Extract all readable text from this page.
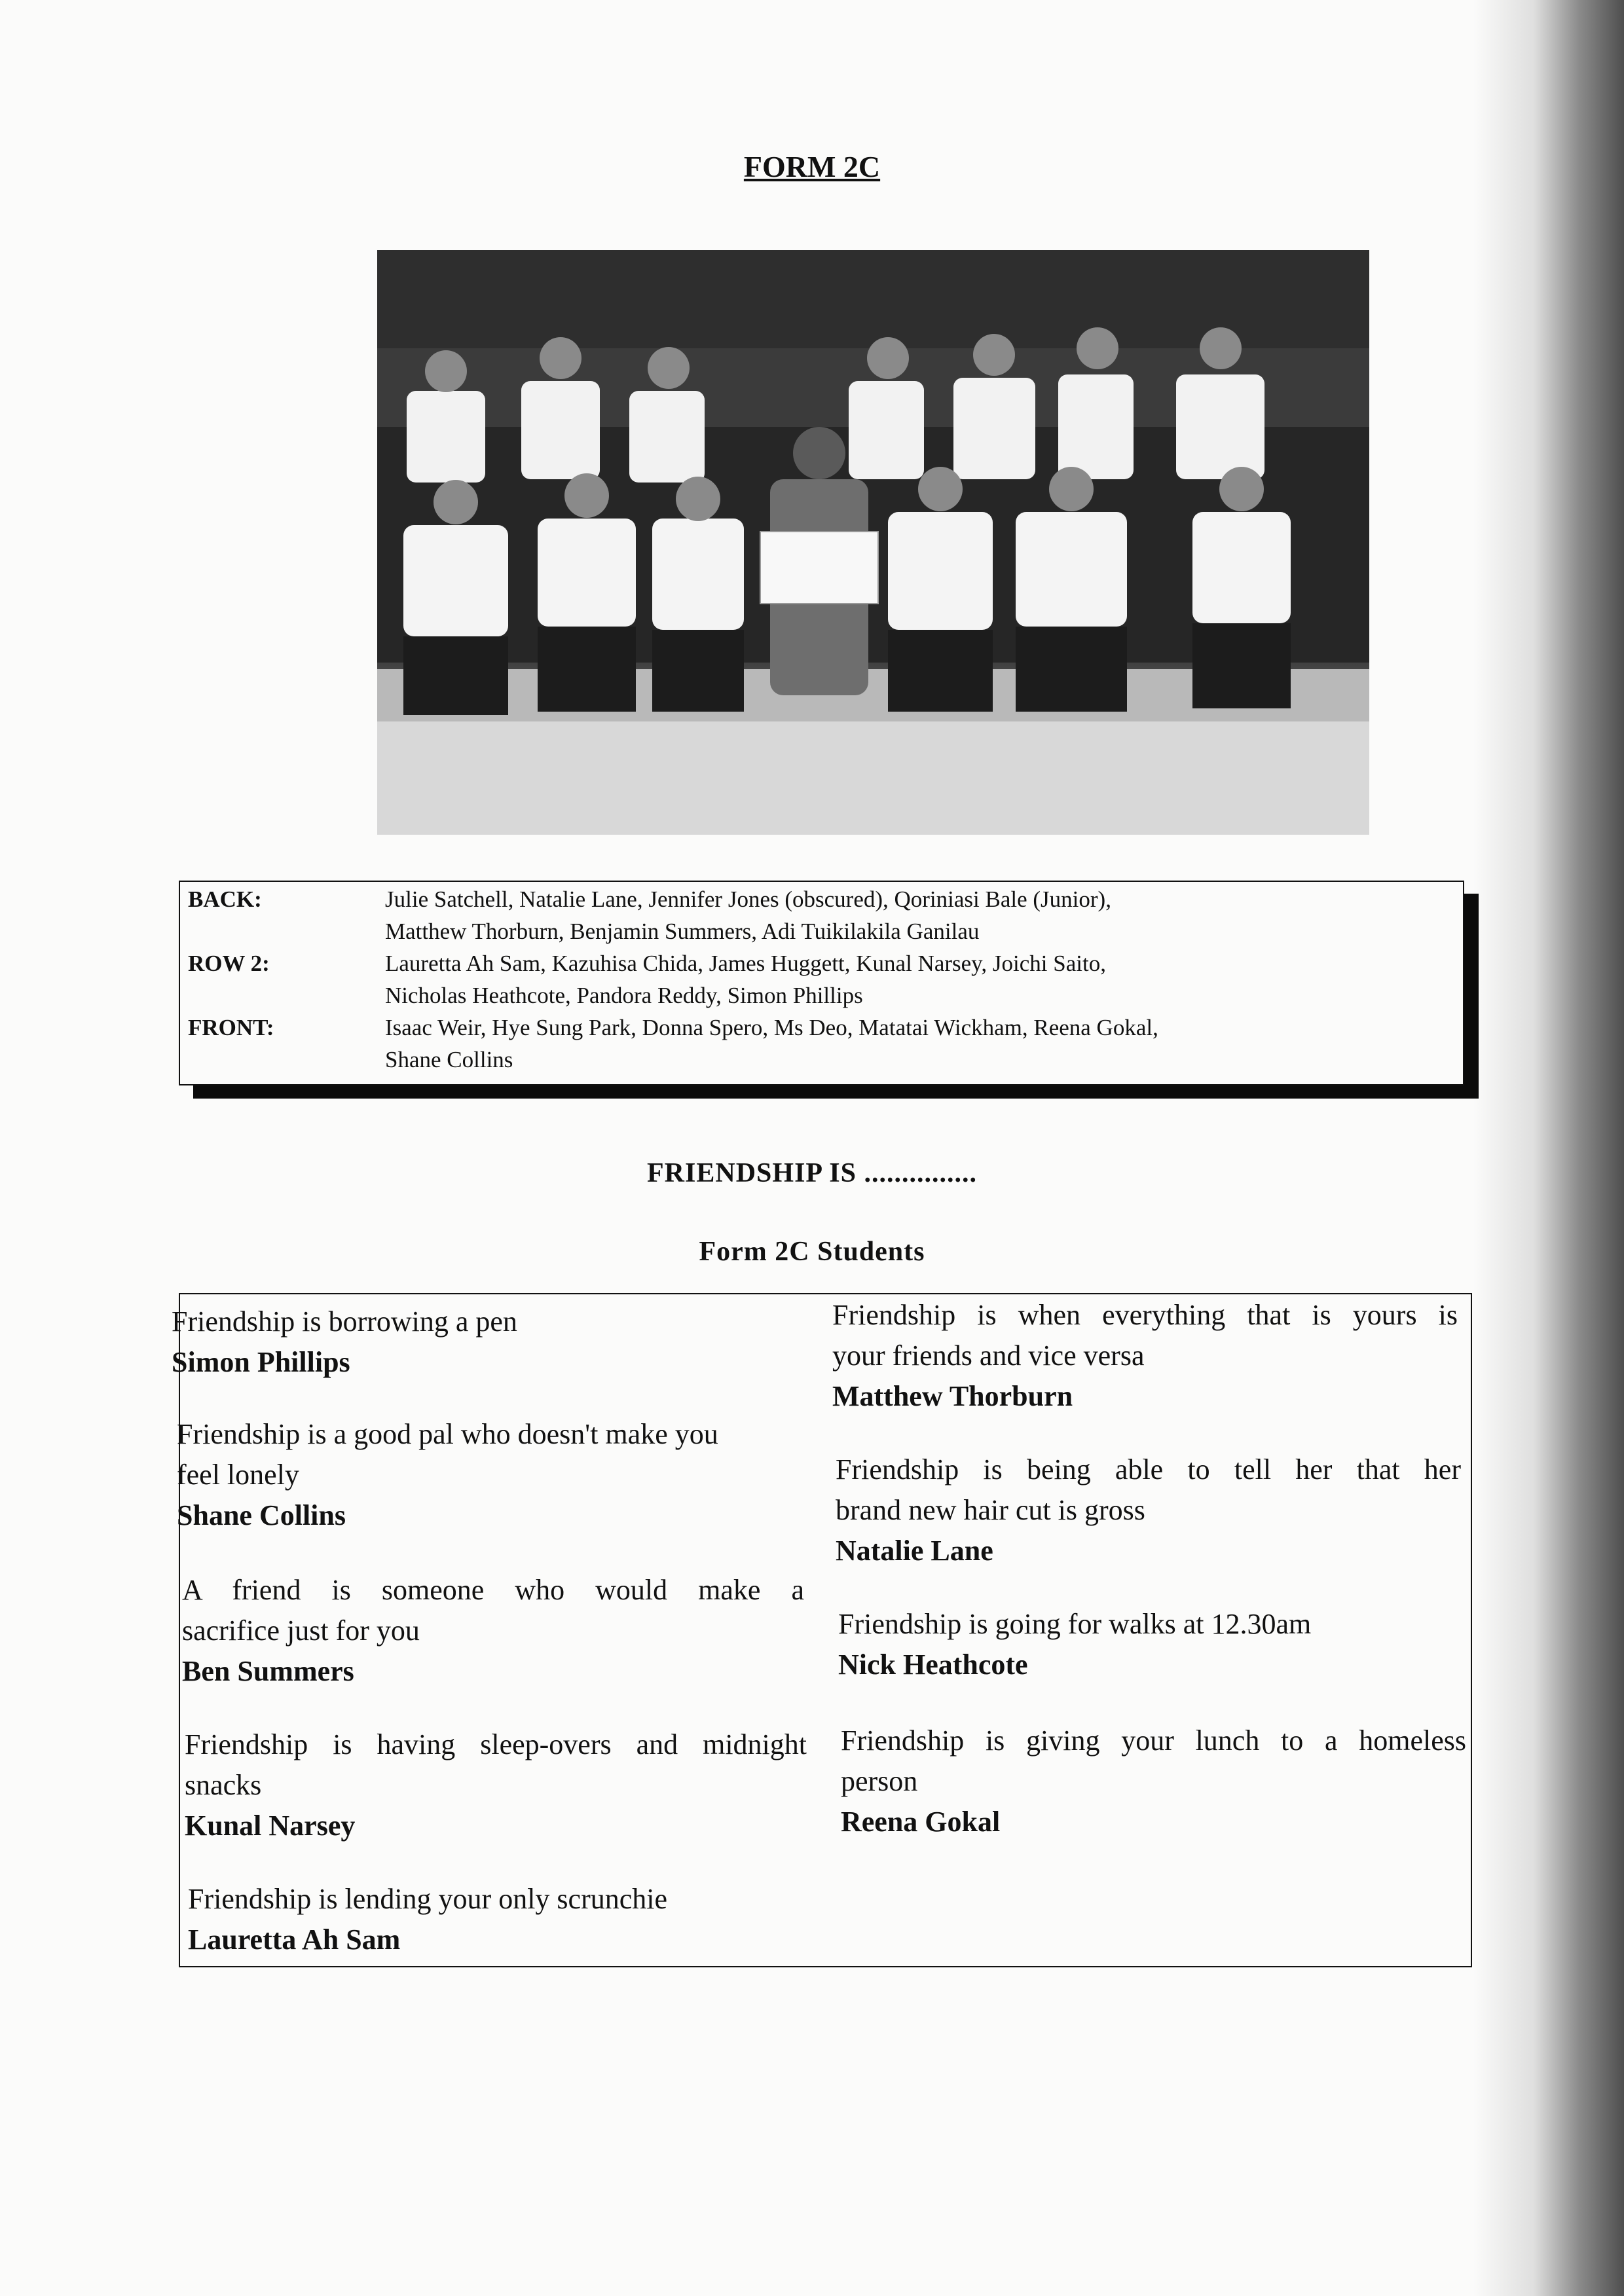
FORM 2C
BACK:	Julie Satchell, Natalie Lane, Jennifer Jones (obscured), Qoriniasi Bale (Junior),
Matthew Thorburn, Benjamin Summers, Adi Tuikilakila Ganilau
ROW 2:	Lauretta Ah Sam, Kazuhisa Chida, James Huggett, Kunal Narsey, Joichi Saito,
Nicholas Heathcote, Pandora Reddy, Simon Phillips
FRONT:	Isaac Weir, Hye Sung Park, Donna Spero, Ms Deo, Matatai Wickham, Reena Gokal,
Shane Collins
FRIENDSHIP IS ...............
Form 2C Students
Friendship is borrowing a pen
Simon Phillips
Friendship is a good pal who doesn't make you
feel lonely
Shane Collins
A friend is someone who would make a
sacrifice just for you
Ben Summers
Friendship is having sleep-overs and midnight
snacks
Kunal Narsey
Friendship is lending your only scrunchie
Lauretta Ah Sam
Friendship is when everything that is yours is
your friends and vice versa
Matthew Thorburn
Friendship is being able to tell her that her
brand new hair cut is gross
Natalie Lane
Friendship is going for walks at 12.30am
Nick Heathcote
Friendship is giving your lunch to a homeless
person
Reena Gokal
